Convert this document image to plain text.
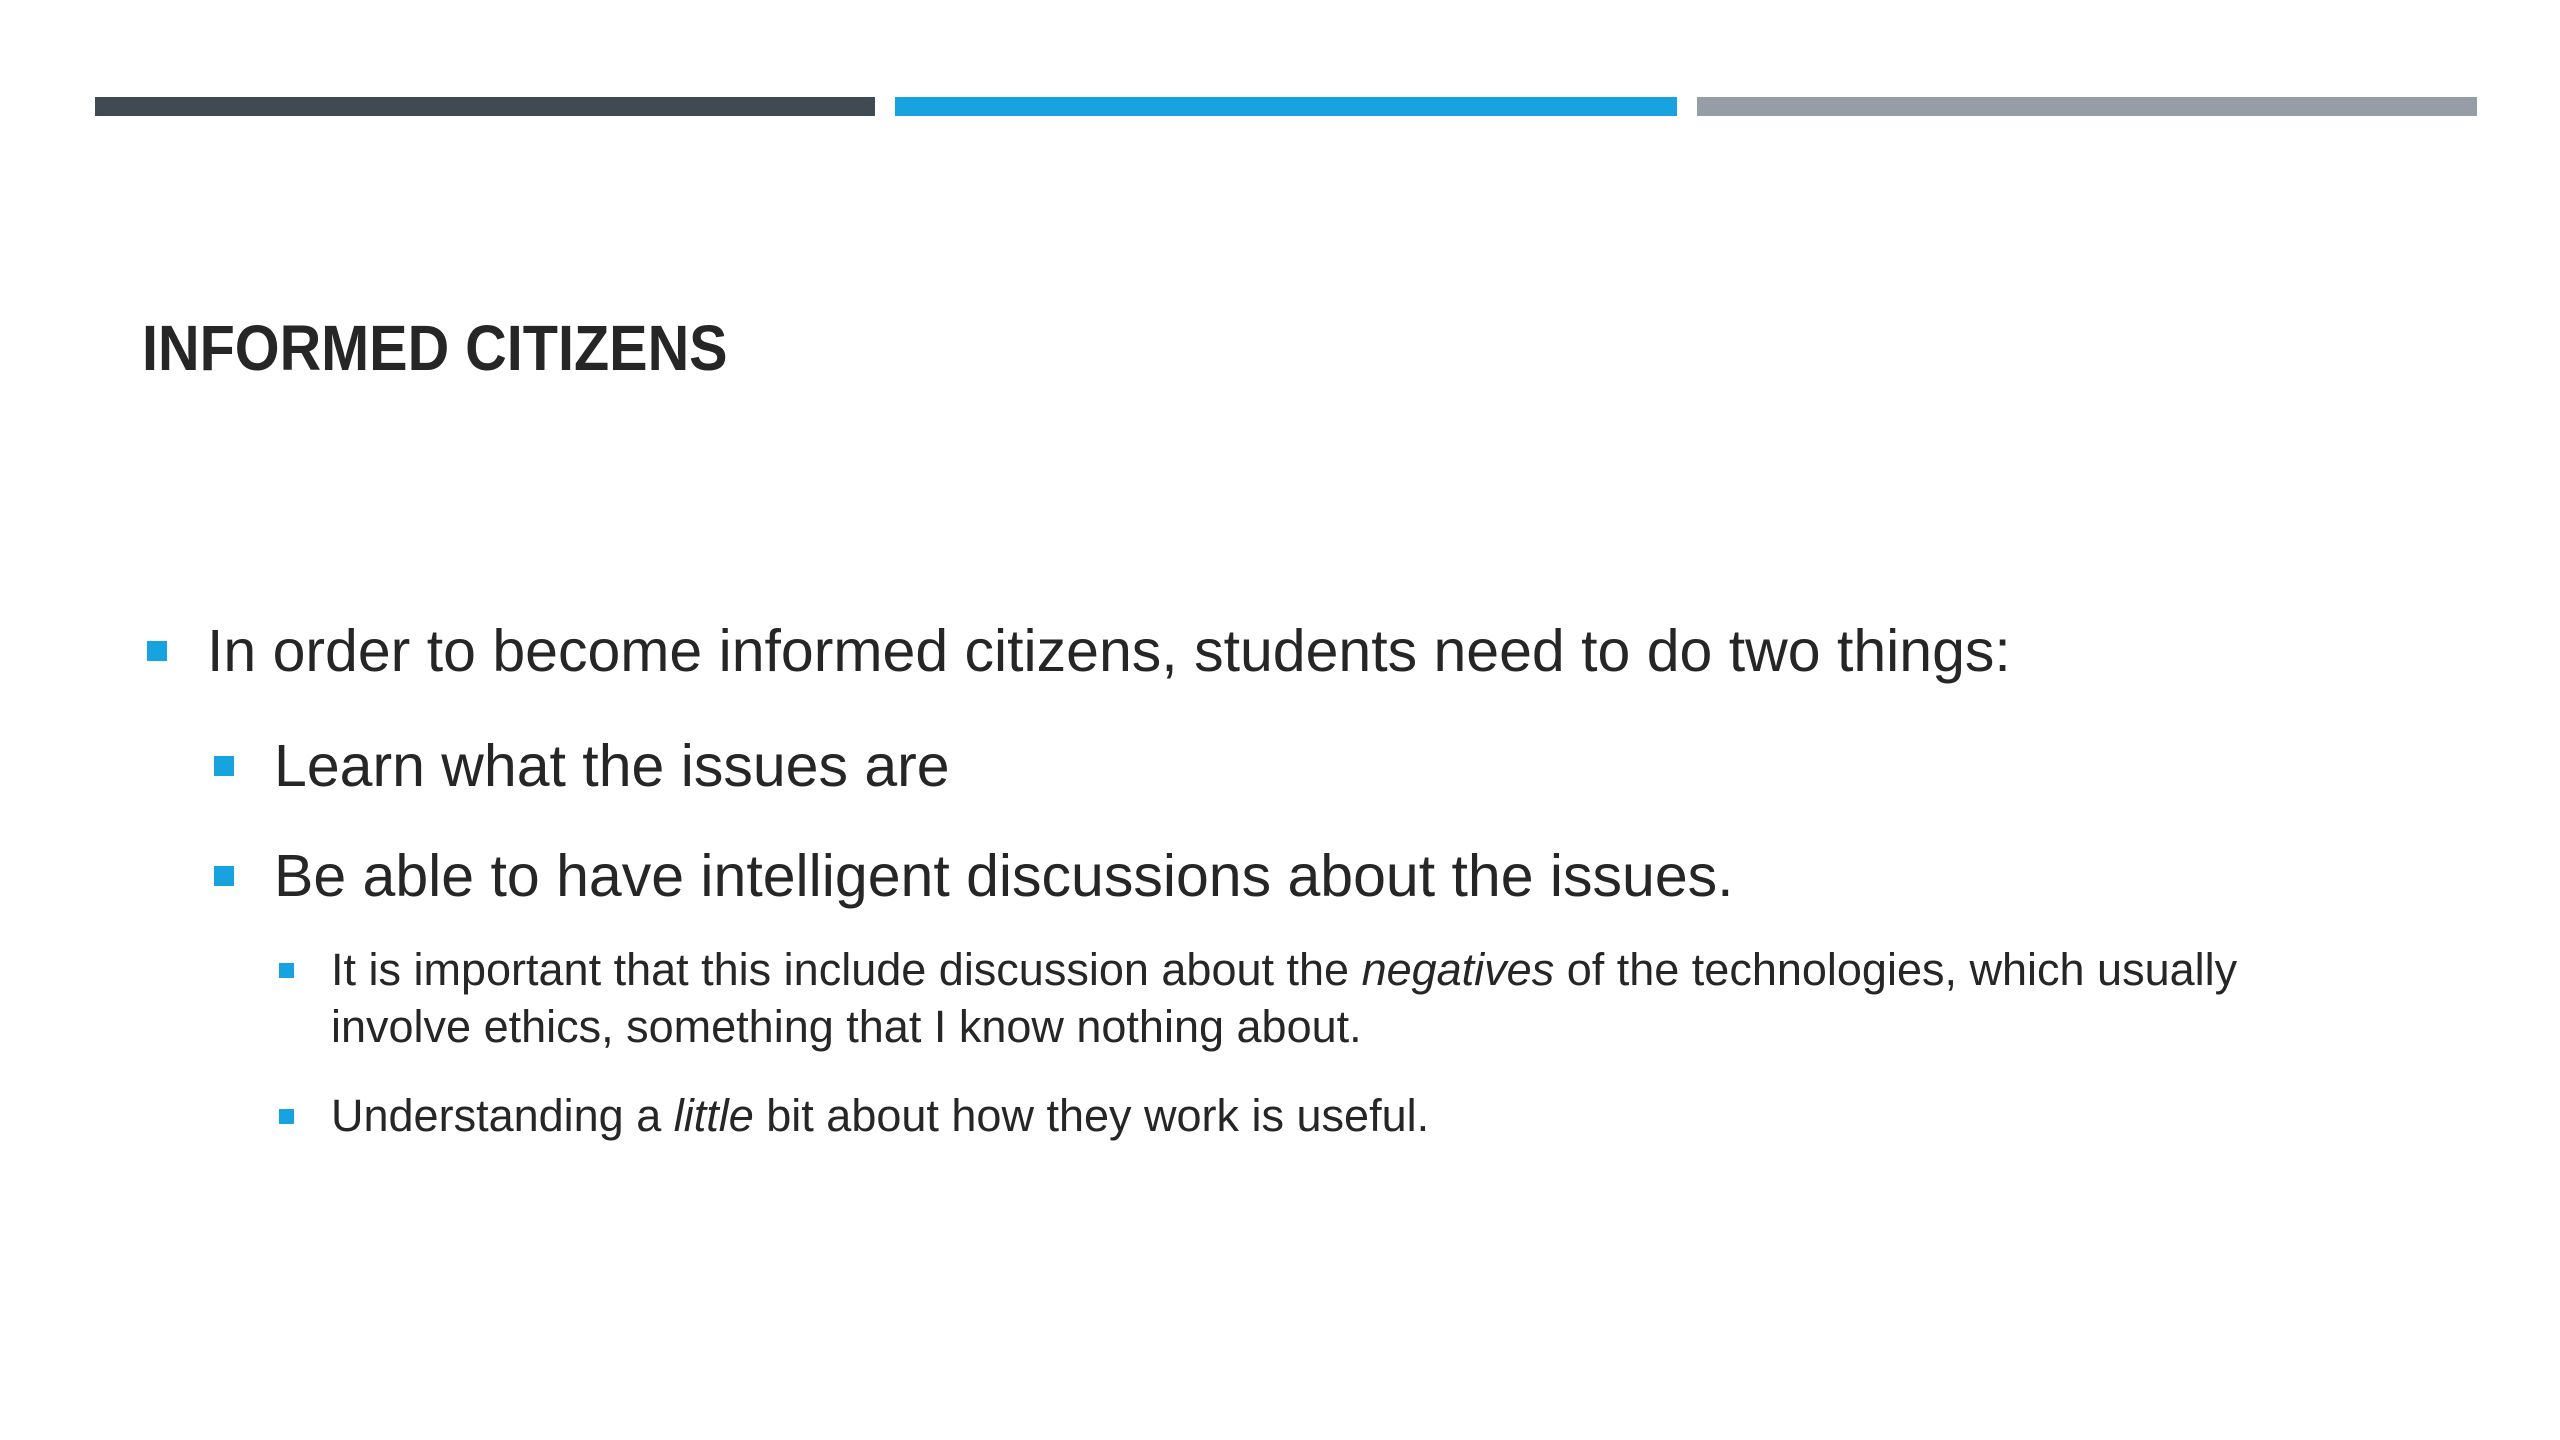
INFORMED CITIZENS
In order to become informed citizens, students need to do two things:
Learn what the issues are
Be able to have intelligent discussions about the issues.
It is important that this include discussion about the negatives of the technologies, which usually
involve ethics, something that I know nothing about.
Understanding a little bit about how they work is useful.
